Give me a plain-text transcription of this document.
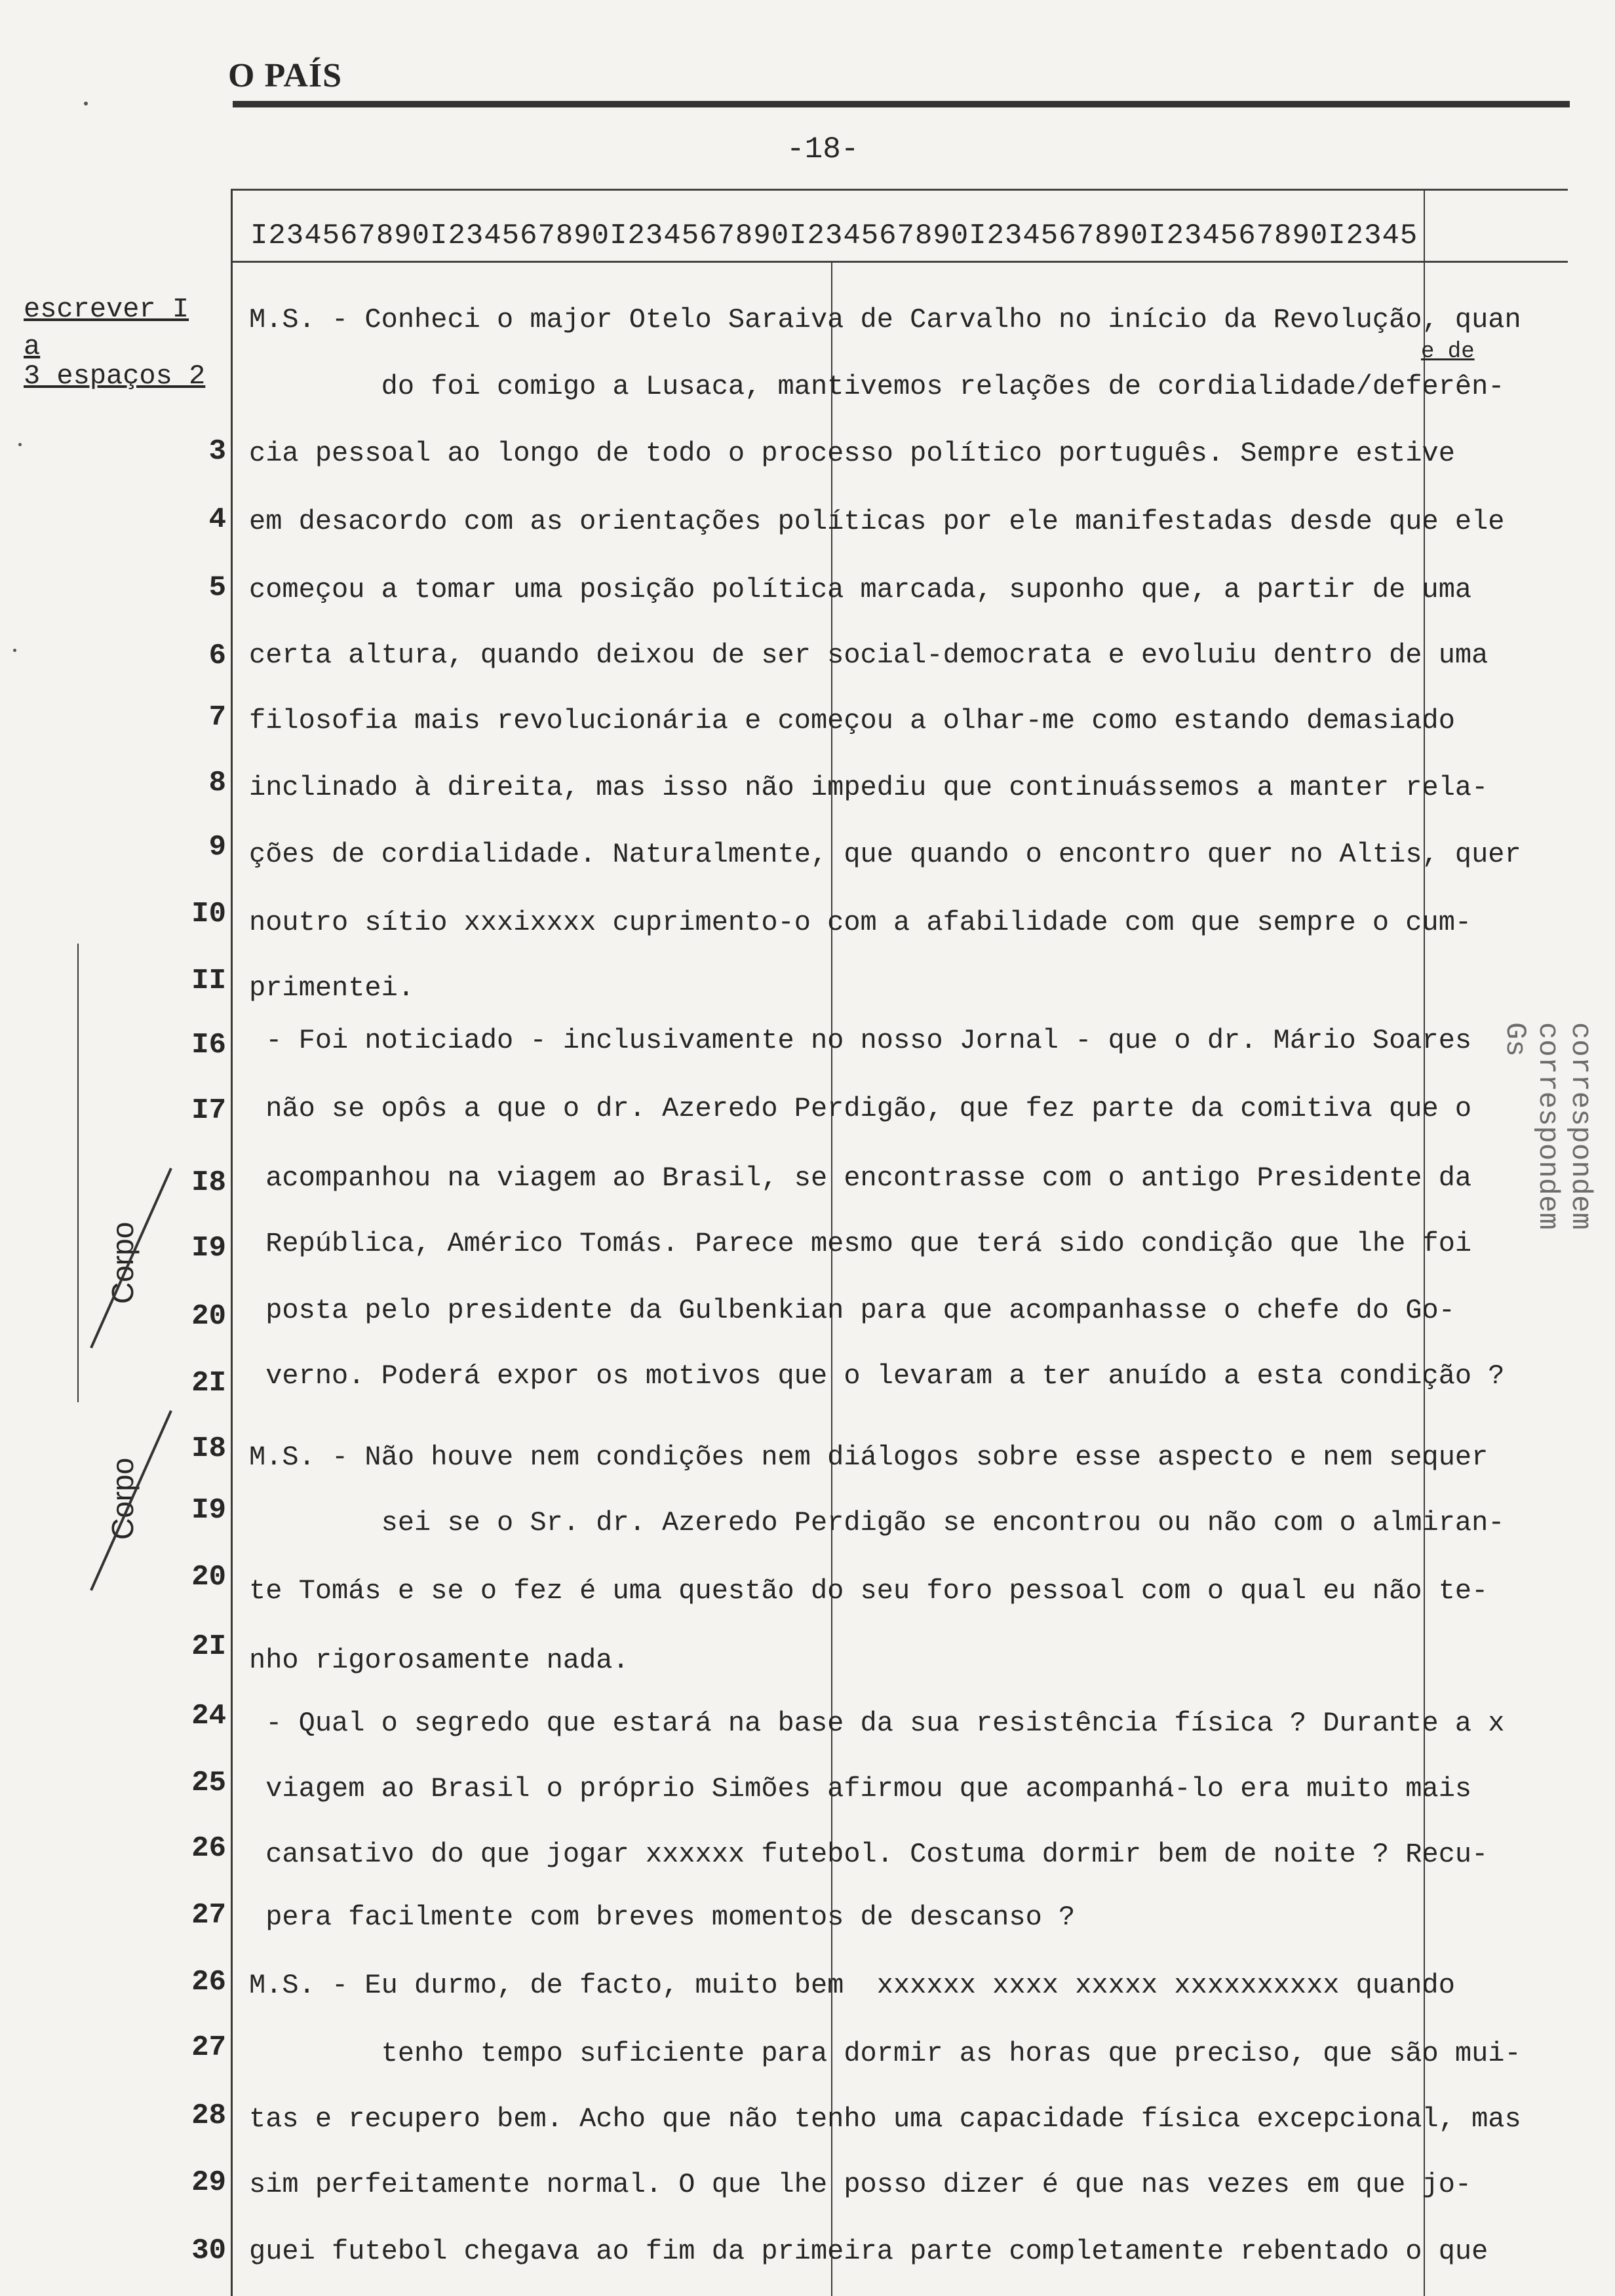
O PAÍS
-18-
I234567890I234567890I234567890I234567890I234567890I234567890I2345
escrever I
a
3 espaços 2
e de
Corpo
Corpo
correspondem correspondem Gs
3
4
5
6
7
8
9
I0
II
I6
I7
I8
I9
20
2I
I8
I9
20
2I
24
25
26
27
26
27
28
29
30
M.S. - Conheci o major Otelo Saraiva de Carvalho no início da Revolução, quan
do foi comigo a Lusaca, mantivemos relações de cordialidade/deferên-
cia pessoal ao longo de todo o processo político português. Sempre estive
em desacordo com as orientações políticas por ele manifestadas desde que ele
começou a tomar uma posição política marcada, suponho que, a partir de uma
certa altura, quando deixou de ser social-democrata e evoluiu dentro de uma
filosofia mais revolucionária e começou a olhar-me como estando demasiado
inclinado à direita, mas isso não impediu que continuássemos a manter rela-
ções de cordialidade. Naturalmente, que quando o encontro quer no Altis, quer
noutro sítio xxxixxxx cuprimento-o com a afabilidade com que sempre o cum-
primentei.
- Foi noticiado - inclusivamente no nosso Jornal - que o dr. Mário Soares
não se opôs a que o dr. Azeredo Perdigão, que fez parte da comitiva que o
acompanhou na viagem ao Brasil, se encontrasse com o antigo Presidente da
República, Américo Tomás. Parece mesmo que terá sido condição que lhe foi
posta pelo presidente da Gulbenkian para que acompanhasse o chefe do Go-
verno. Poderá expor os motivos que o levaram a ter anuído a esta condição ?
M.S. - Não houve nem condições nem diálogos sobre esse aspecto e nem sequer
sei se o Sr. dr. Azeredo Perdigão se encontrou ou não com o almiran-
te Tomás e se o fez é uma questão do seu foro pessoal com o qual eu não te-
nho rigorosamente nada.
- Qual o segredo que estará na base da sua resistência física ? Durante a x
viagem ao Brasil o próprio Simões afirmou que acompanhá-lo era muito mais
cansativo do que jogar xxxxxx futebol. Costuma dormir bem de noite ? Recu-
pera facilmente com breves momentos de descanso ?
M.S. - Eu durmo, de facto, muito bem  xxxxxx xxxx xxxxx xxxxxxxxxx quando
tenho tempo suficiente para dormir as horas que preciso, que são mui-
tas e recupero bem. Acho que não tenho uma capacidade física excepcional, mas
sim perfeitamente normal. O que lhe posso dizer é que nas vezes em que jo-
guei futebol chegava ao fim da primeira parte completamente rebentado o que
